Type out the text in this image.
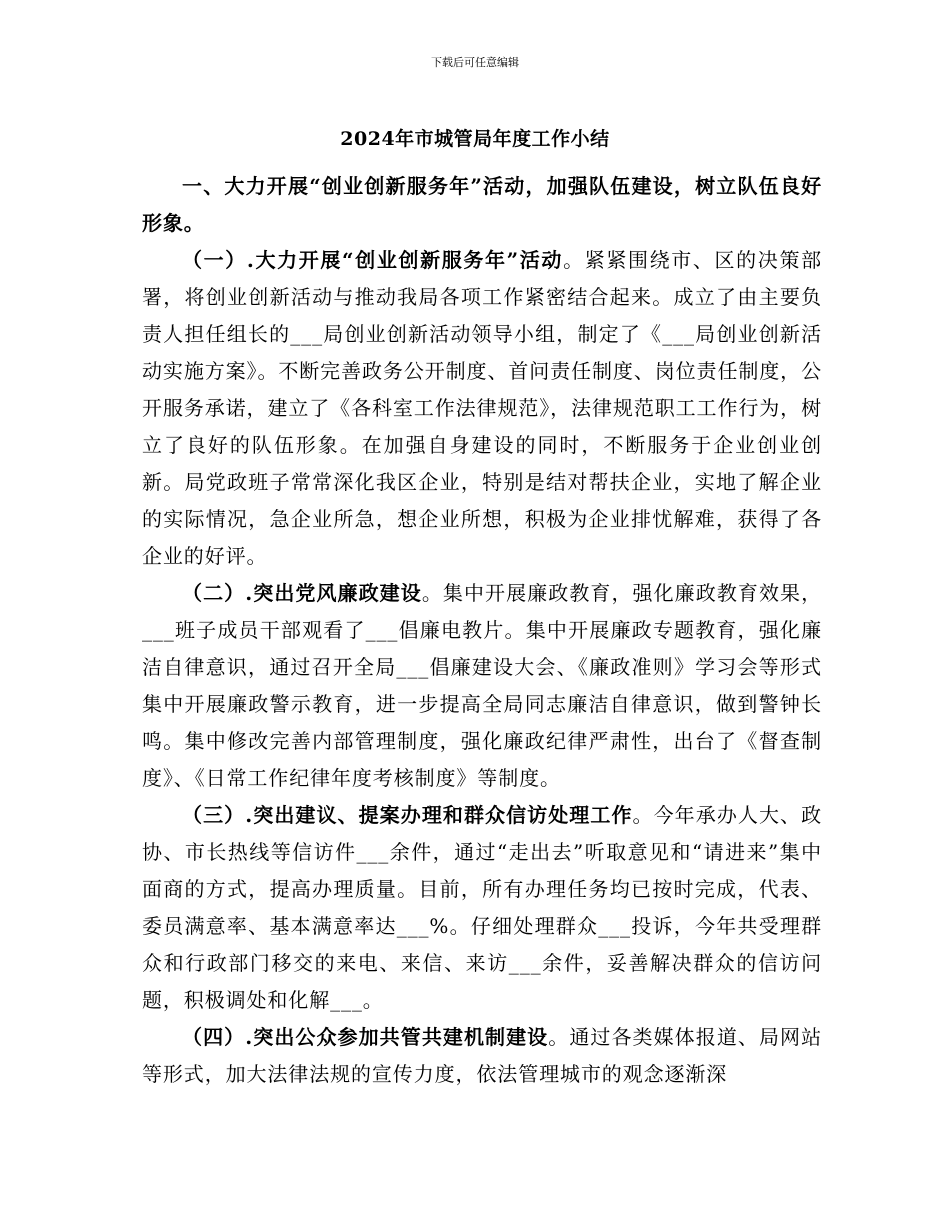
下载后可任意编辑
2024年市城管局年度工作小结

一、大力开展“创业创新服务年”活动，加强队伍建设，树立队伍良好形象。

（一）.大力开展“创业创新服务年”活动。紧紧围绕市、区的决策部署，将创业创新活动与推动我局各项工作紧密结合起来。成立了由主要负责人担任组长的___局创业创新活动领导小组，制定了《___局创业创新活动实施方案》。不断完善政务公开制度、首问责任制度、岗位责任制度，公开服务承诺，建立了《各科室工作法律规范》，法律规范职工工作行为，树立了良好的队伍形象。在加强自身建设的同时，不断服务于企业创业创新。局党政班子常常深化我区企业，特别是结对帮扶企业，实地了解企业的实际情况，急企业所急，想企业所想，积极为企业排忧解难，获得了各企业的好评。

（二）.突出党风廉政建设。集中开展廉政教育，强化廉政教育效果，___班子成员干部观看了___倡廉电教片。集中开展廉政专题教育，强化廉洁自律意识，通过召开全局___倡廉建设大会、《廉政准则》学习会等形式集中开展廉政警示教育，进一步提高全局同志廉洁自律意识，做到警钟长鸣。集中修改完善内部管理制度，强化廉政纪律严肃性，出台了《督查制度》、《日常工作纪律年度考核制度》等制度。

（三）.突出建议、提案办理和群众信访处理工作。今年承办人大、政协、市长热线等信访件___余件，通过“走出去”听取意见和“请进来”集中面商的方式，提高办理质量。目前，所有办理任务均已按时完成，代表、委员满意率、基本满意率达___%。仔细处理群众___投诉，今年共受理群众和行政部门移交的来电、来信、来访___余件，妥善解决群众的信访问题，积极调处和化解___。

（四）.突出公众参加共管共建机制建设。通过各类媒体报道、局网站等形式，加大法律法规的宣传力度，依法管理城市的观念逐渐深
